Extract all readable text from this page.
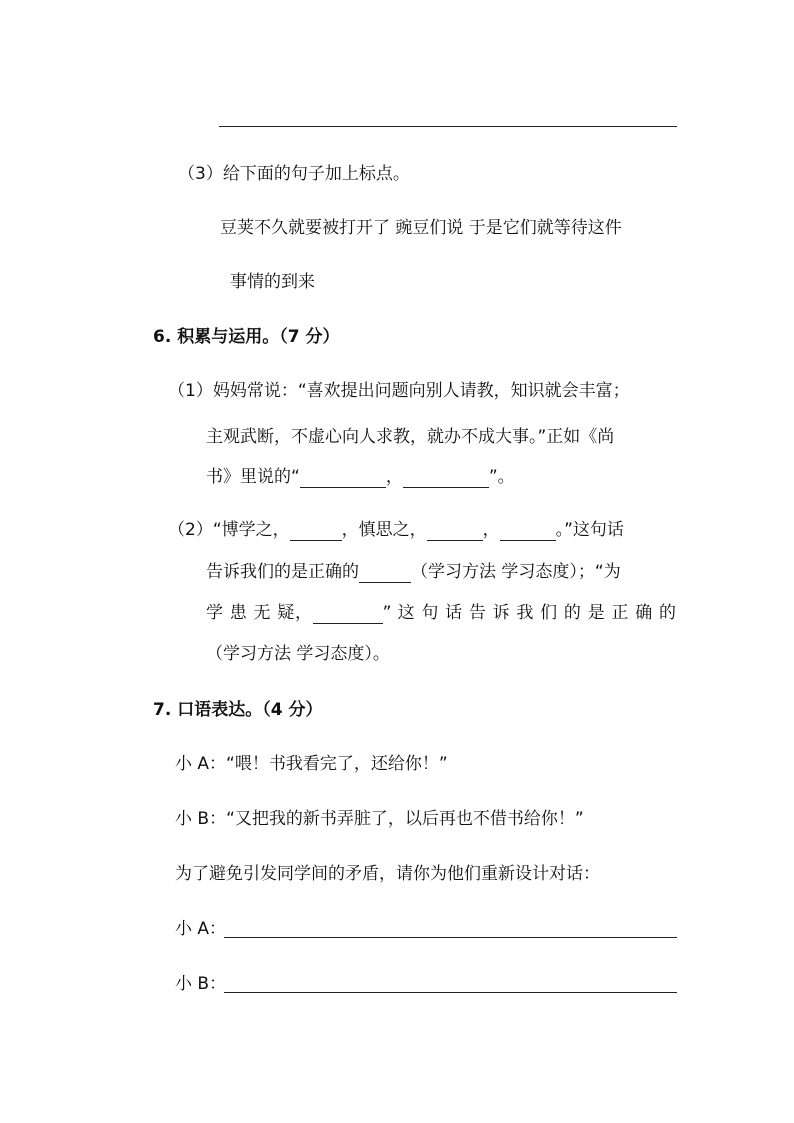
（3）给下面的句子加上标点。
豆荚不久就要被打开了 豌豆们说 于是它们就等待这件
事情的到来
6. 积累与运用。（7 分）
（1）妈妈常说：“喜欢提出问题向别人请教，知识就会丰富；
主观武断，不虚心向人求教，就办不成大事。”正如《尚
书》里说的“	，	”。
（2）“博学之，	，慎思之，	，	。”这句话
告诉我们的是正确的	（学习方法 学习态度）；“为
学 患 无 疑，	” 这 句 话 告 诉 我 们 的 是 正 确 的
（学习方法 学习态度）。
7. 口语表达。（4 分）
小 A：“喂！书我看完了，还给你！”
小 B：“又把我的新书弄脏了，以后再也不借书给你！”
为了避免引发同学间的矛盾，请你为他们重新设计对话：
小 A：
小 B：
